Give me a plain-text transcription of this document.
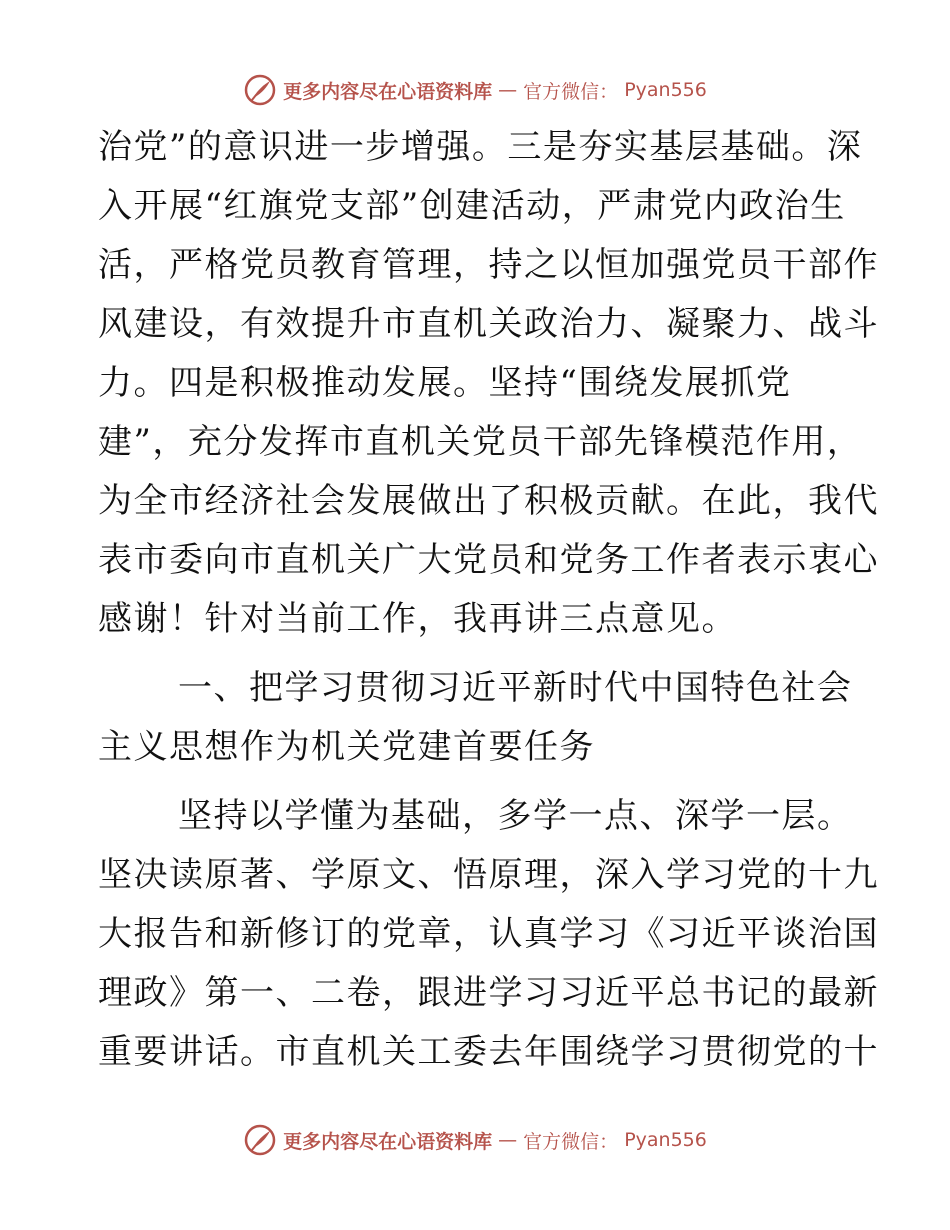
更多内容尽在心语资料库 — 官方微信： Pyan556
治党”的意识进一步增强。三是夯实基层基础。深
入开展“红旗党支部”创建活动，严肃党内政治生
活，严格党员教育管理，持之以恒加强党员干部作
风建设，有效提升市直机关政治力、凝聚力、战斗
力。四是积极推动发展。坚持“围绕发展抓党
建”，充分发挥市直机关党员干部先锋模范作用，
为全市经济社会发展做出了积极贡献。在此，我代
表市委向市直机关广大党员和党务工作者表示衷心
感谢！针对当前工作，我再讲三点意见。
一、把学习贯彻习近平新时代中国特色社会
主义思想作为机关党建首要任务
坚持以学懂为基础，多学一点、深学一层。
坚决读原著、学原文、悟原理，深入学习党的十九
大报告和新修订的党章，认真学习《习近平谈治国
理政》第一、二卷，跟进学习习近平总书记的最新
重要讲话。市直机关工委去年围绕学习贯彻党的十
更多内容尽在心语资料库 — 官方微信： Pyan556
